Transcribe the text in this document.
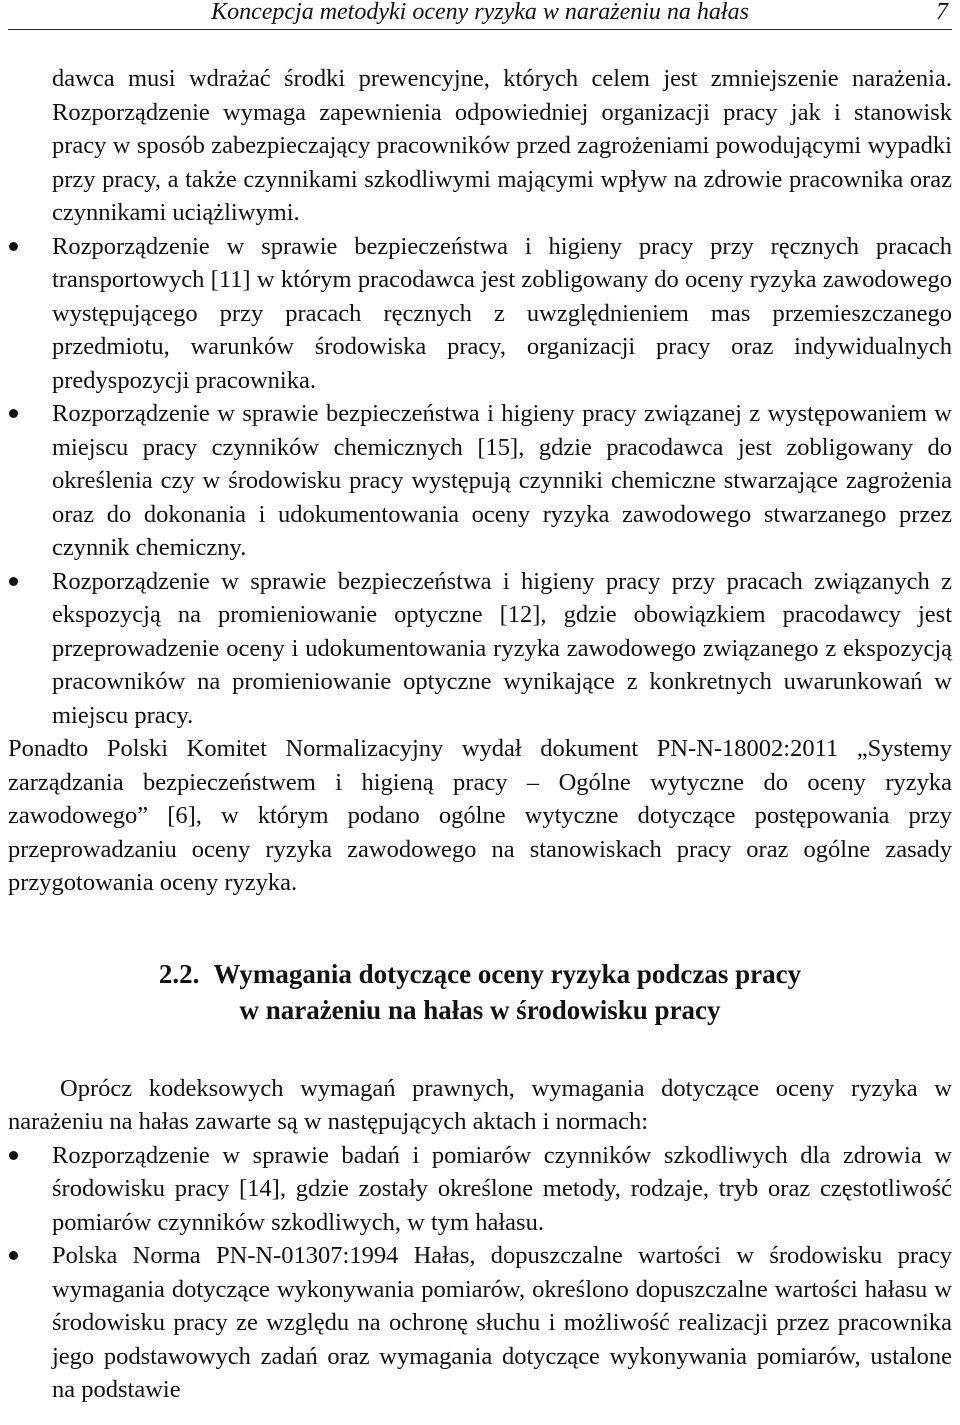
Koncepcja metodyki oceny ryzyka w narażeniu na hałas	7

dawca musi wdrażać środki prewencyjne, których celem jest zmniejszenie narażenia. Rozporządzenie wymaga zapewnienia odpowiedniej organizacji pracy jak i stanowisk pracy w sposób zabezpieczający pracowników przed zagrożeniami powodującymi wypadki przy pracy, a także czynnikami szkodliwymi mającymi wpływ na zdrowie pracownika oraz czynnikami uciążliwymi.

Rozporządzenie w sprawie bezpieczeństwa i higieny pracy przy ręcznych pracach transportowych [11] w którym pracodawca jest zobligowany do oceny ryzyka zawodowego występującego przy pracach ręcznych z uwzględnieniem mas przemieszczanego przedmiotu, warunków środowiska pracy, organizacji pracy oraz indywidualnych predyspozycji pracownika.
Rozporządzenie w sprawie bezpieczeństwa i higieny pracy związanej z występowaniem w miejscu pracy czynników chemicznych [15], gdzie pracodawca jest zobligowany do określenia czy w środowisku pracy występują czynniki chemiczne stwarzające zagrożenia oraz do dokonania i udokumentowania oceny ryzyka zawodowego stwarzanego przez czynnik chemiczny.
Rozporządzenie w sprawie bezpieczeństwa i higieny pracy przy pracach związanych z ekspozycją na promieniowanie optyczne [12], gdzie obowiązkiem pracodawcy jest przeprowadzenie oceny i udokumentowania ryzyka zawodowego związanego z ekspozycją pracowników na promieniowanie optyczne wynikające z konkretnych uwarunkowań w miejscu pracy.

Ponadto Polski Komitet Normalizacyjny wydał dokument PN-N-18002:2011 „Systemy zarządzania bezpieczeństwem i higieną pracy – Ogólne wytyczne do oceny ryzyka zawodowego” [6], w którym podano ogólne wytyczne dotyczące postępowania przy przeprowadzaniu oceny ryzyka zawodowego na stanowiskach pracy oraz ogólne zasady przygotowania oceny ryzyka.

2.2. Wymagania dotyczące oceny ryzyka podczas pracy
w narażeniu na hałas w środowisku pracy

Oprócz kodeksowych wymagań prawnych, wymagania dotyczące oceny ryzyka w narażeniu na hałas zawarte są w następujących aktach i normach:

Rozporządzenie w sprawie badań i pomiarów czynników szkodliwych dla zdrowia w środowisku pracy [14], gdzie zostały określone metody, rodzaje, tryb oraz częstotliwość pomiarów czynników szkodliwych, w tym hałasu.
Polska Norma PN-N-01307:1994 Hałas, dopuszczalne wartości w środowisku pracy wymagania dotyczące wykonywania pomiarów, określono dopuszczalne wartości hałasu w środowisku pracy ze względu na ochronę słuchu i możliwość realizacji przez pracownika jego podstawowych zadań oraz wymagania dotyczące wykonywania pomiarów, ustalone na podstawie
